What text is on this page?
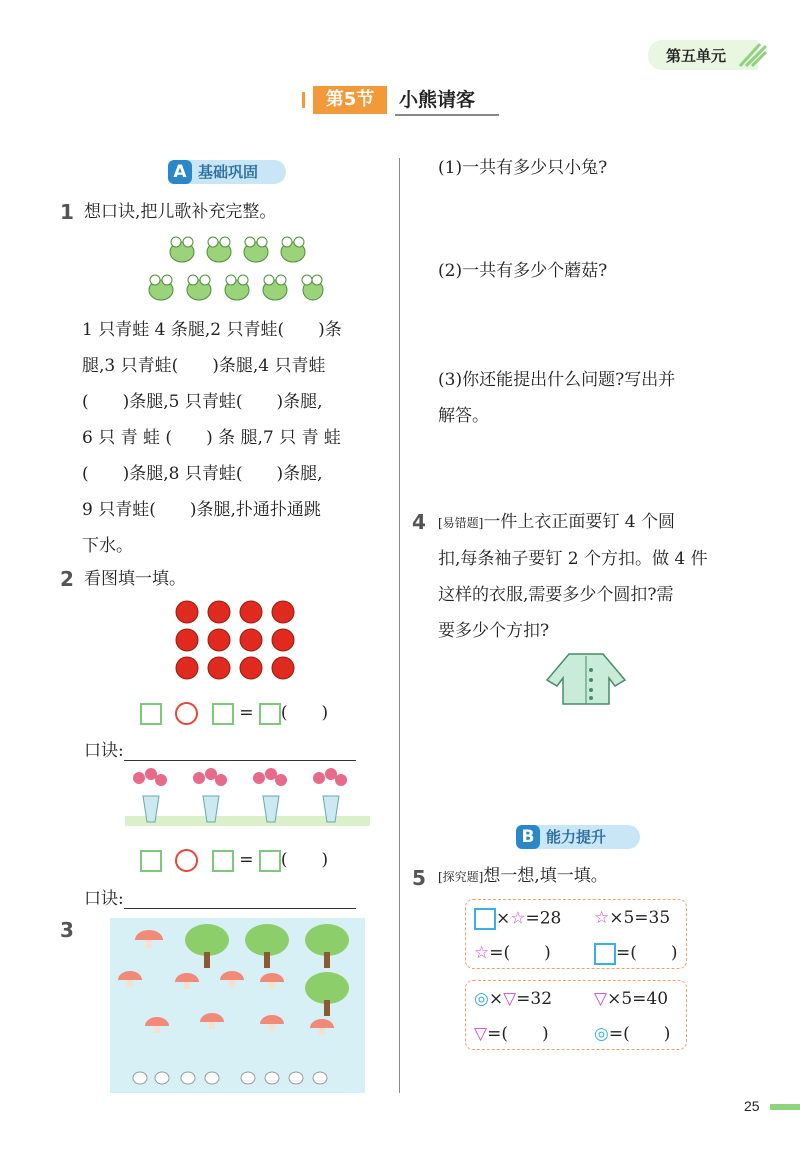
第五单元
第5节	小熊请客
A 基础巩固
1 想口诀,把儿歌补充完整。
1 只青蛙 4 条腿,2 只青蛙(　　)条
腿,3 只青蛙(　　)条腿,4 只青蛙
(　　)条腿,5 只青蛙(　　)条腿,
6 只 青 蛙 (　　) 条 腿,7 只 青 蛙
(　　)条腿,8 只青蛙(　　)条腿,
9 只青蛙(　　)条腿,扑通扑通跳
下水。
2 看图填一填。
= (　　)
口诀:
= (　　)
口诀:
3
(1)一共有多少只小兔?
(2)一共有多少个蘑菇?
(3)你还能提出什么问题?写出并
解答。
4 [易错题]一件上衣正面要钉 4 个圆
扣,每条袖子要钉 2 个方扣。做 4 件
这样的衣服,需要多少个圆扣?需
要多少个方扣?
B 能力提升
5 [探究题]想一想,填一填。
×☆=28 ☆×5=35
☆=(　　)	=(　　)
◎×▽=32 ▽×5=40
▽=(　　)	◎=(　　)
25
